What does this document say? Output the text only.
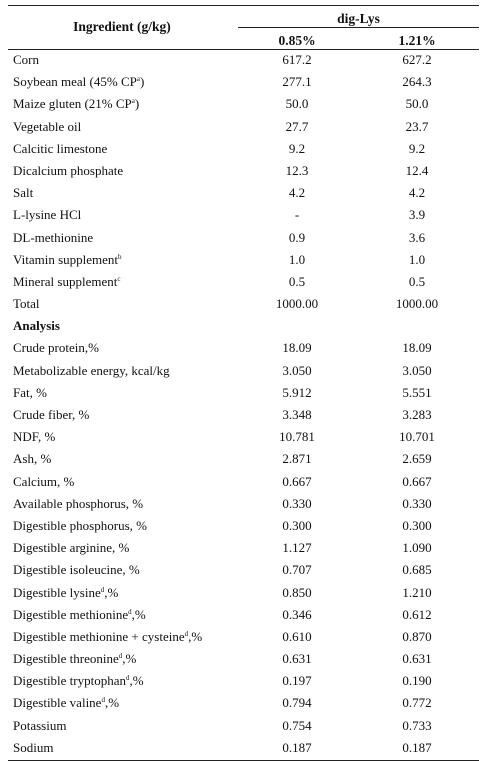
Ingredient (g/kg)
dig-Lys
0.85%	1.21%
Corn	617.2	627.2
Soybean meal (45% $CP^a$)	277.1	264.3
Maize gluten (21% $CP^a$)	50.0	50.0
Vegetable oil	27.7	23.7
Calcitic limestone	9.2	9.2
Dicalcium phosphate	12.3	12.4
Salt	4.2	4.2
L-lysine HCl	-	3.9
DL-methionine	0.9	3.6
Vitamin supplement$^b$	1.0	1.0
Mineral supplement$^c$	0.5	0.5
Total	1000.00	1000.00
Analysis
Crude protein,%	18.09	18.09
Metabolizable energy, kcal/kg	3.050	3.050
Fat, %	5.912	5.551
Crude fiber, %	3.348	3.283
NDF, %	10.781	10.701
Ash, %	2.871	2.659
Calcium, %	0.667	0.667
Available phosphorus, %	0.330	0.330
Digestible phosphorus, %	0.300	0.300
Digestible arginine, %	1.127	1.090
Digestible isoleucine, %	0.707	0.685
Digestible lysine$^d$,%	0.850	1.210
Digestible methionine$^d$,%	0.346	0.612
Digestible methionine + cysteine$^d$,%	0.610	0.870
Digestible threonine$^d$,%	0.631	0.631
Digestible tryptophan$^d$,%	0.197	0.190
Digestible valine$^d$,%	0.794	0.772
Potassium	0.754	0.733
Sodium	0.187	0.187
